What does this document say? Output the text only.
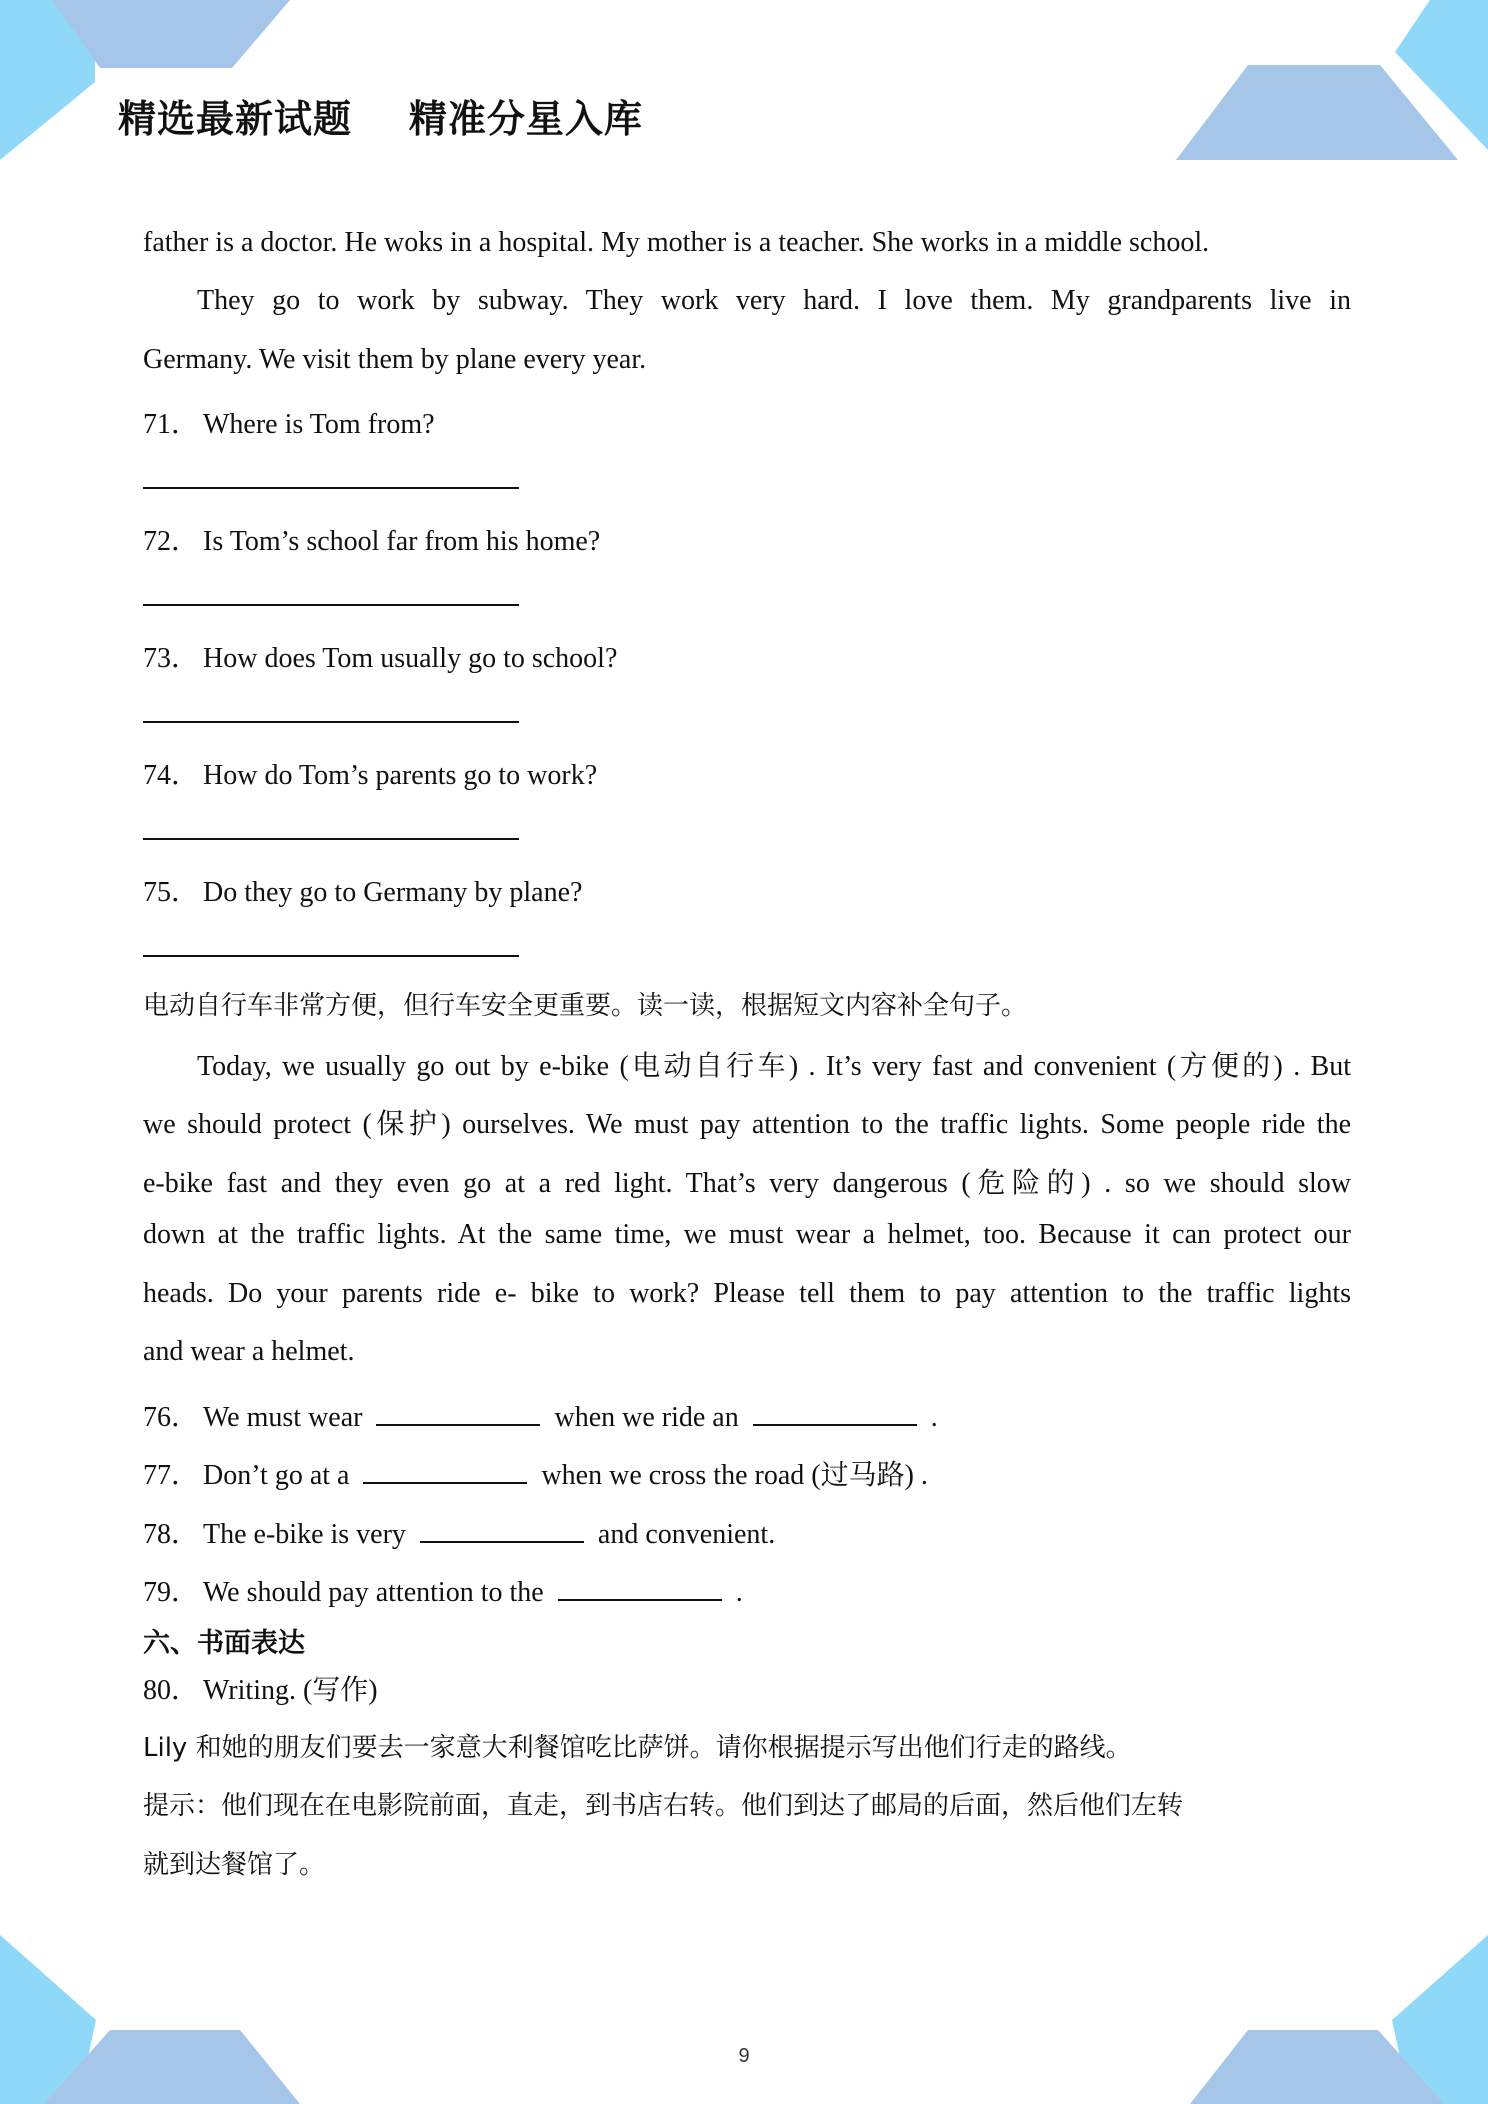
精选最新试题    精准分星入库
father is a doctor. He woks in a hospital. My mother is a teacher. She works in a middle school.
They go to work by subway. They work very hard. I love them. My grandparents live in
Germany. We visit them by plane every year.
71． Where is Tom from?
72． Is Tom’s school far from his home?
73． How does Tom usually go to school?
74． How do Tom’s parents go to work?
75． Do they go to Germany by plane?
电动自行车非常方便，但行车安全更重要。读一读，根据短文内容补全句子。
Today, we usually go out by e-bike (电动自行车) . It’s very fast and convenient (方便的) . But
we should protect (保护) ourselves. We must pay attention to the traffic lights. Some people ride the
e-bike fast and they even go at a red light. That’s very dangerous (危险的) . so we should slow
down at the traffic lights. At the same time, we must wear a helmet, too. Because it can protect our
heads. Do your parents ride e- bike to work? Please tell them to pay attention to the traffic lights
and wear a helmet.
76． We must wear	when we ride an	.
77． Don’t go at a	when we cross the road (过马路) .
78． The e-bike is very	and convenient.
79． We should pay attention to the	.
六、书面表达
80． Writing. (写作)
Lily 和她的朋友们要去一家意大利餐馆吃比萨饼。请你根据提示写出他们行走的路线。
提示：他们现在在电影院前面，直走，到书店右转。他们到达了邮局的后面，然后他们左转
就到达餐馆了。
9
